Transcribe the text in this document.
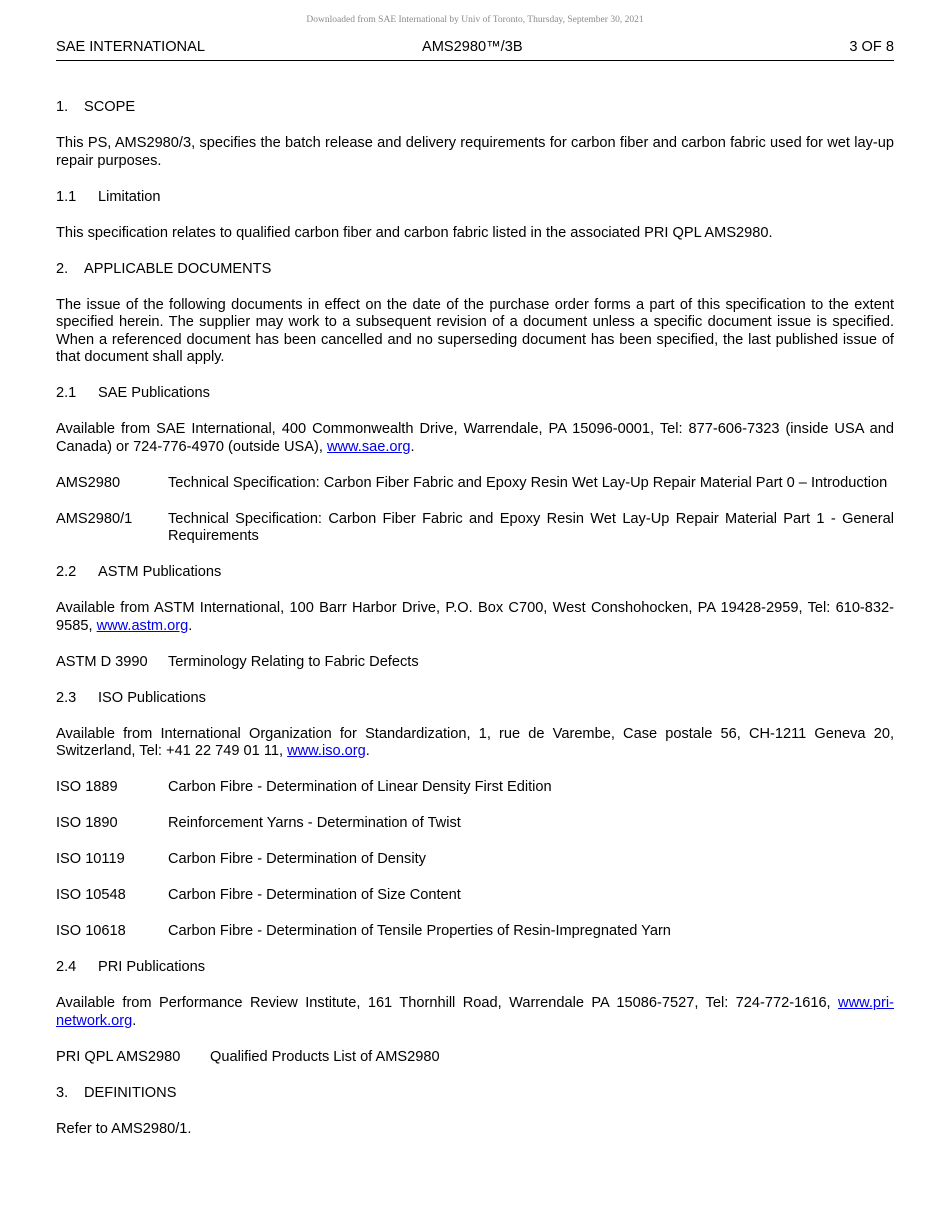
Downloaded from SAE International by Univ of Toronto, Thursday, September 30, 2021
SAE INTERNATIONAL	AMS2980™/3B	3 OF 8
1. SCOPE

This PS, AMS2980/3, specifies the batch release and delivery requirements for carbon fiber and carbon fabric used for wet lay-up repair purposes.

1.1 Limitation

This specification relates to qualified carbon fiber and carbon fabric listed in the associated PRI QPL AMS2980.

2. APPLICABLE DOCUMENTS

The issue of the following documents in effect on the date of the purchase order forms a part of this specification to the extent specified herein. The supplier may work to a subsequent revision of a document unless a specific document issue is specified. When a referenced document has been cancelled and no superseding document has been specified, the last published issue of that document shall apply.

2.1 SAE Publications

Available from SAE International, 400 Commonwealth Drive, Warrendale, PA 15096-0001, Tel: 877-606-7323 (inside USA and Canada) or 724-776-4970 (outside USA), www.sae.org.

AMS2980	Technical Specification: Carbon Fiber Fabric and Epoxy Resin Wet Lay-Up Repair Material Part 0 – Introduction
AMS2980/1	Technical Specification: Carbon Fiber Fabric and Epoxy Resin Wet Lay-Up Repair Material Part 1 - General Requirements
2.2 ASTM Publications

Available from ASTM International, 100 Barr Harbor Drive, P.O. Box C700, West Conshohocken, PA 19428-2959, Tel: 610-832-9585, www.astm.org.

ASTM D 3990	Terminology Relating to Fabric Defects
2.3 ISO Publications

Available from International Organization for Standardization, 1, rue de Varembe, Case postale 56, CH-1211 Geneva 20, Switzerland, Tel: +41 22 749 01 11, www.iso.org.

ISO 1889	Carbon Fibre - Determination of Linear Density First Edition
ISO 1890	Reinforcement Yarns - Determination of Twist
ISO 10119	Carbon Fibre - Determination of Density
ISO 10548	Carbon Fibre - Determination of Size Content
ISO 10618	Carbon Fibre - Determination of Tensile Properties of Resin-Impregnated Yarn
2.4 PRI Publications

Available from Performance Review Institute, 161 Thornhill Road, Warrendale PA 15086-7527, Tel: 724-772-1616, www.pri-network.org.

PRI QPL AMS2980	Qualified Products List of AMS2980
3. DEFINITIONS

Refer to AMS2980/1.
